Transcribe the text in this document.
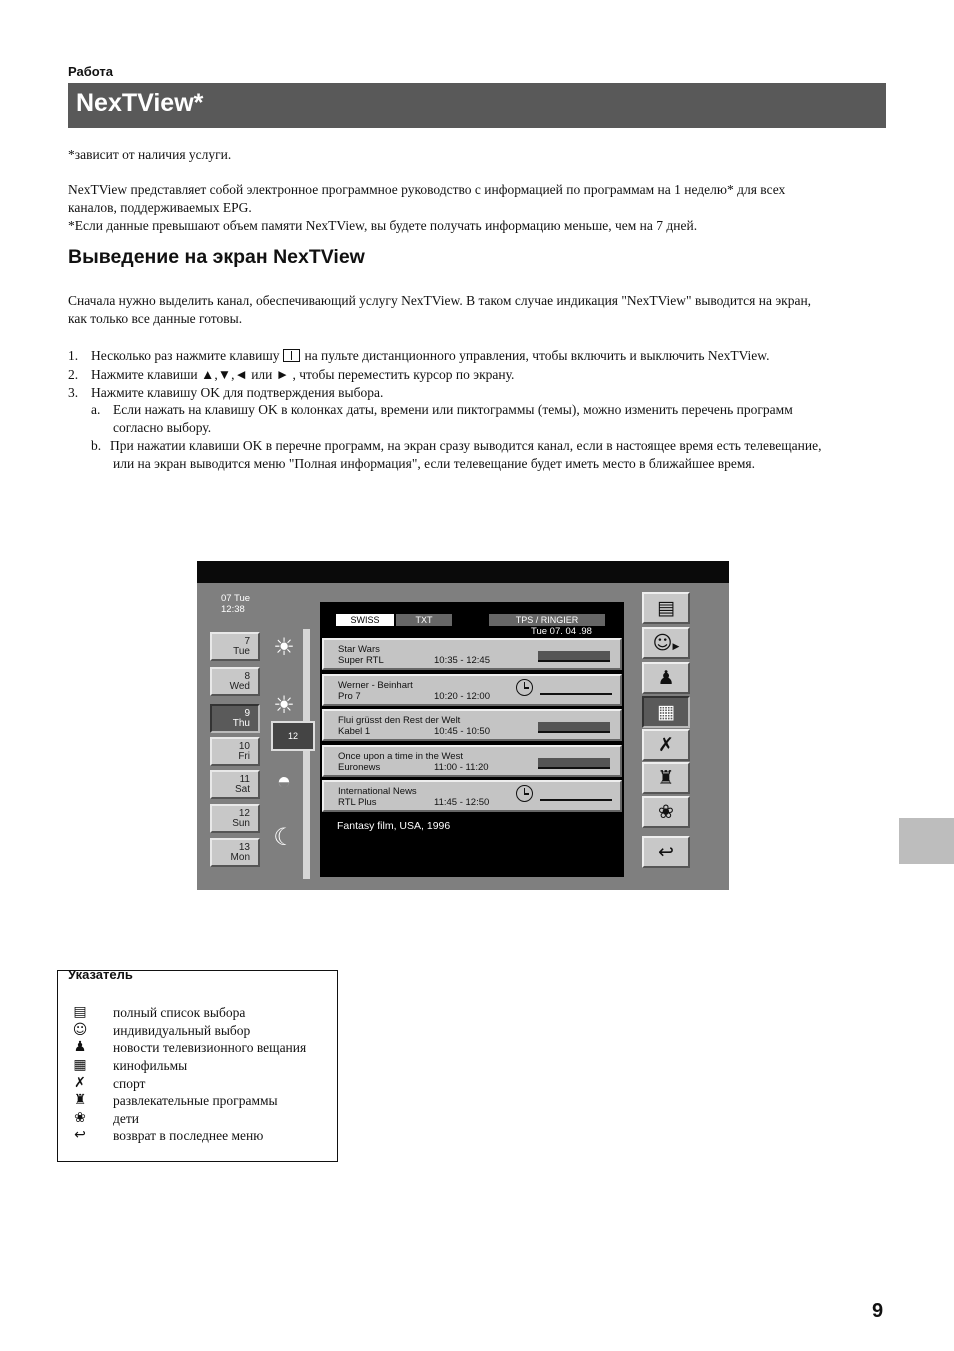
Работа
NexTView*
*зависит от наличия услуги.
NexTView представляет собой электронное программное руководство с информацией по программам на 1 неделю* для всех
каналов, поддерживаемых EPG.
*Если данные превышают объем памяти NexTView, вы будете получать информацию меньше, чем на 7 дней.
Выведение на экран NexTView
Сначала нужно выделить канал, обеспечивающий услугу NexTView. В таком случае индикация "NexTView" выводится на экран,
как только все данные готовы.
1. Несколько раз нажмите клавишу на пульте дистанционного управления, чтобы включить и выключить NexTView.
2. Нажмите клавиши ▲,▼,◄ или ► , чтобы переместить курсор по экрану.
3. Нажмите клавишу OK для подтверждения выбора.
a. Если нажать на клавишу OK в колонках даты, времени или пиктограммы (темы), можно изменить перечень программ
согласно выбору.
b. При нажатии клавиши OK в перечне программ, на экран сразу выводится канал, если в настоящее время есть телевещание,
или на экран выводится меню "Полная информация", если телевещание будет иметь место в ближайшее время.
07 Tue
12:38
7
Tue
8
Wed
9
Thu
10
Fri
11
Sat
12
Sun
13
Mon
☀
☀
◓
☾
12
SWISS	TXT	TPS / RINGIER
Tue 07. 04 .98
Star Wars
Super RTL	10:35 - 12:45
Werner - Beinhart
Pro 7	10:20 - 12:00
Flui grüsst den Rest der Welt
Kabel 1	10:45 - 10:50
Once upon a time in the West
Euronews	11:00 - 11:20
International News
RTL Plus	11:45 - 12:50
Fantasy film, USA, 1996
▤
☺▶
♟
▦
✗
♜
❀
↩
Указатель
▤ полный список выбора
☺ индивидуальный выбор
♟ новости телевизионного вещания
▦ кинофильмы
✗	спорт
♜ развлекательные программы
❀	дети
↩	возврат в последнее меню
9
